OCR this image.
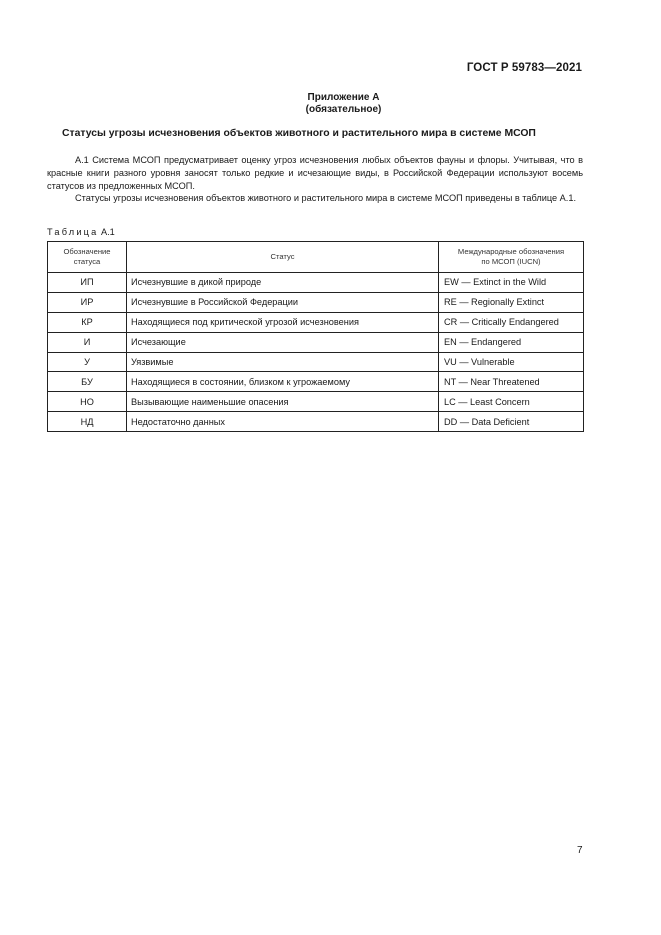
ГОСТ Р 59783—2021
Приложение А
(обязательное)
Статусы угрозы исчезновения объектов животного и растительного мира в системе МСОП
А.1 Система МСОП предусматривает оценку угроз исчезновения любых объектов фауны и флоры. Учитывая, что в красные книги разного уровня заносят только редкие и исчезающие виды, в Российской Федерации используют восемь статусов из предложенных МСОП.
Статусы угрозы исчезновения объектов животного и растительного мира в системе МСОП приведены в таблице А.1.
Таблица А.1
Обозначение
статуса	Статус	Международные обозначения
по МСОП (IUCN)
ИП	Исчезнувшие в дикой природе	EW — Extinct in the Wild
ИР	Исчезнувшие в Российской Федерации	RE — Regionally Extinct
КР	Находящиеся под критической угрозой исчезновения	CR — Critically Endangered
И	Исчезающие	EN — Endangered
У	Уязвимые	VU — Vulnerable
БУ	Находящиеся в состоянии, близком к угрожаемому	NT — Near Threatened
НО	Вызывающие наименьшие опасения	LC — Least Concern
НД	Недостаточно данных	DD — Data Deficient
7
